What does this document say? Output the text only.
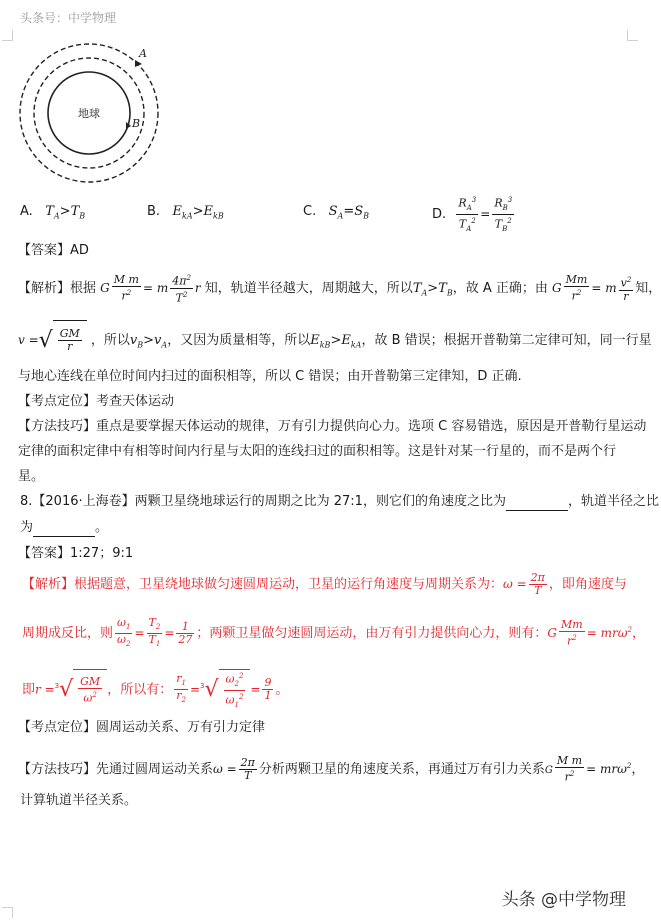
头条号：中学物理
地球
A
B
A. $T_A>T_B$	B. $E_{kA}>E_{kB}$	C. $S_A=S_B$	D. $\frac{R_A^3}{T_A^2} = \frac{R_B^3}{T_B^2}$
【答案】AD
【解析】根据 G $\frac{\text{M m}}{r^2} = m \frac{4\pi^2}{T^2}$ r 知，轨道半径越大，周期越大，所以$T_A>T_B$，故 A 正确；由 G $\frac{Mm}{r^2} = m \frac{v^2}{r}$ 知，
v =√ $\frac{GM}{r}$ ，所以$v_B>v_A$，又因为质量相等，所以$E_{kB}>E_{kA}$，故 B 错误；根据开普勒第二定律可知，同一行星
与地心连线在单位时间内扫过的面积相等，所以 C 错误；由开普勒第三定律知，D 正确.
【考点定位】考查天体运动
【方法技巧】重点是要掌握天体运动的规律，万有引力提供向心力。选项 C 容易错选，原因是开普勒行星运动
定律的面积定律中有相等时间内行星与太阳的连线扫过的面积相等。这是针对某一行星的，而不是两个行
星。
8.【2016·上海卷】两颗卫星绕地球运行的周期之比为 27:1，则它们的角速度之比为	，轨道半径之比
为	。
【答案】1:27；9:1
【解析】根据题意，卫星绕地球做匀速圆周运动，卫星的运行角速度与周期关系为：$\omega = \frac{2\pi}{T}$ ，即角速度与
周期成反比，则 $\frac{\omega_1}{\omega_2} = \frac{T_2}{T_1} = \frac{1}{27}$ ；两颗卫星做匀速圆周运动，由万有引力提供向心力，则有：G $\frac{Mm}{r^2} = mr\omega^2$，
即$r =^3√ \frac{GM}{\omega^2}$ ，所以有： $\frac{r_1}{r_2} =^3√ \frac{\omega_2^2}{\omega_1^2} = \frac{9}{1}$ 。
【考点定位】圆周运动关系、万有引力定律
【方法技巧】先通过圆周运动关系$\omega = \frac{2\pi}{T}$ 分析两颗卫星的角速度关系，再通过万有引力关系G $\frac{\text{M m}}{r^2} = mr\omega^2$，
计算轨道半径关系。
头条 @中学物理
